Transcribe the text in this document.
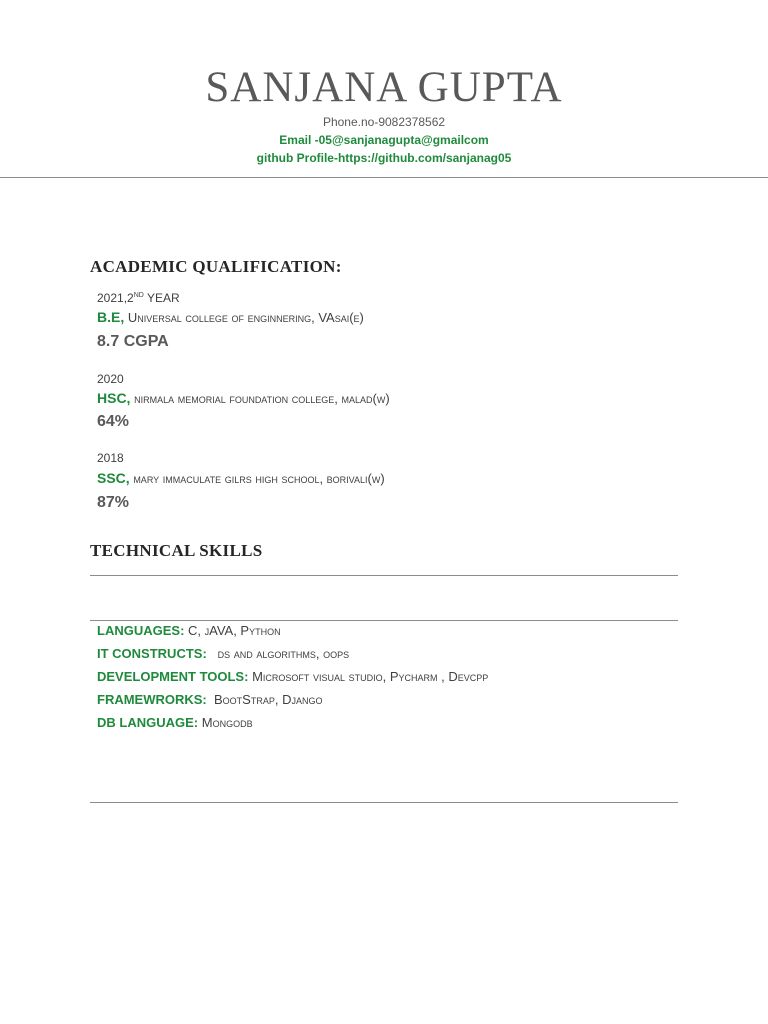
SANJANA GUPTA
Phone.no-9082378562
Email -05@sanjanagupta@gmailcom
github Profile-https://github.com/sanjanag05
ACADEMIC QUALIFICATION:
2021,2ND YEAR
B.E, Universal college of enginnering, VAsai(e)
8.7 CGPA
2020
HSC, nirmala memorial foundation college, malad(w)
64%
2018
SSC, mary immaculate gilrs high school, borivali(w)
87%
TECHNICAL SKILLS
LANGUAGES: C, jAVA, Python
IT CONSTRUCTS: ds and algorithms, oops
DEVELOPMENT TOOLS: Microsoft visual studio, Pycharm , Devcpp
FRAMEWRORKS: BootStrap, Django
DB LANGUAGE: Mongodb
